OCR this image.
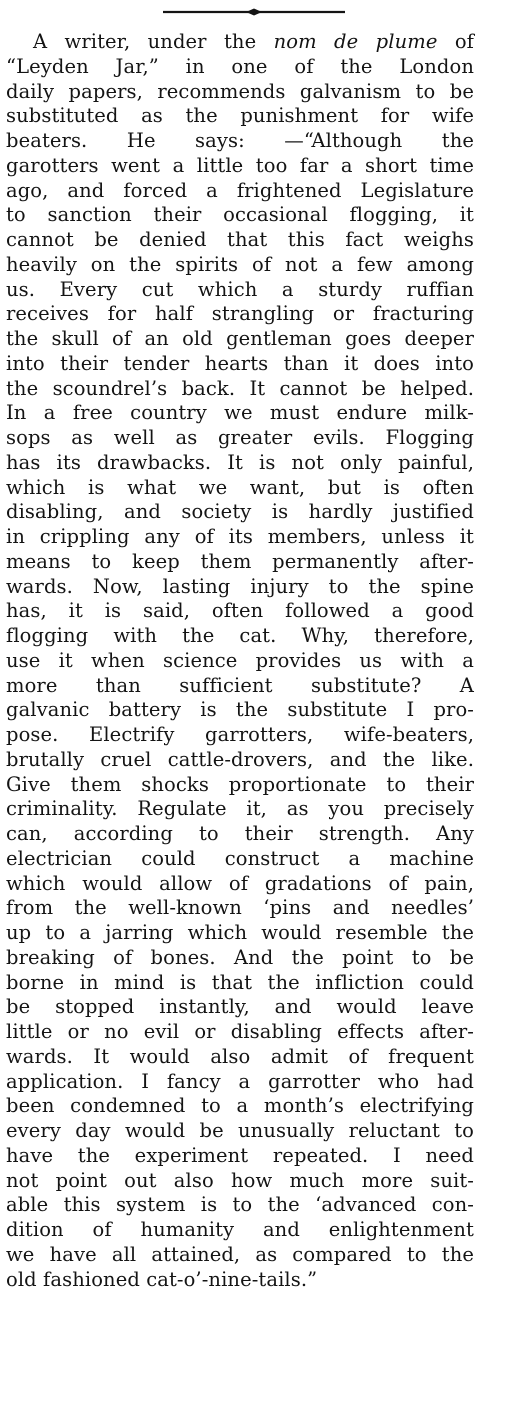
A writer, under the nom de plume of
“Leyden Jar,” in one of the London
daily papers, recommends galvanism to be
substituted as the punishment for wife
beaters. He says: —“Although the
garotters went a little too far a short time
ago, and forced a frightened Legislature
to sanction their occasional flogging, it
cannot be denied that this fact weighs
heavily on the spirits of not a few among
us. Every cut which a sturdy ruffian
receives for half strangling or fracturing
the skull of an old gentleman goes deeper
into their tender hearts than it does into
the scoundrel’s back. It cannot be helped.
In a free country we must endure milk-
sops as well as greater evils. Flogging
has its drawbacks. It is not only painful,
which is what we want, but is often
disabling, and society is hardly justified
in crippling any of its members, unless it
means to keep them permanently after-
wards. Now, lasting injury to the spine
has, it is said, often followed a good
flogging with the cat. Why, therefore,
use it when science provides us with a
more than sufficient substitute? A
galvanic battery is the substitute I pro-
pose. Electrify garrotters, wife-beaters,
brutally cruel cattle-drovers, and the like.
Give them shocks proportionate to their
criminality. Regulate it, as you precisely
can, according to their strength. Any
electrician could construct a machine
which would allow of gradations of pain,
from the well-known ‘pins and needles’
up to a jarring which would resemble the
breaking of bones. And the point to be
borne in mind is that the infliction could
be stopped instantly, and would leave
little or no evil or disabling effects after-
wards. It would also admit of frequent
application. I fancy a garrotter who had
been condemned to a month’s electrifying
every day would be unusually reluctant to
have the experiment repeated. I need
not point out also how much more suit-
able this system is to the ‘advanced con-
dition of humanity and enlightenment
we have all attained, as compared to the
old fashioned cat-o’-nine-tails.”
